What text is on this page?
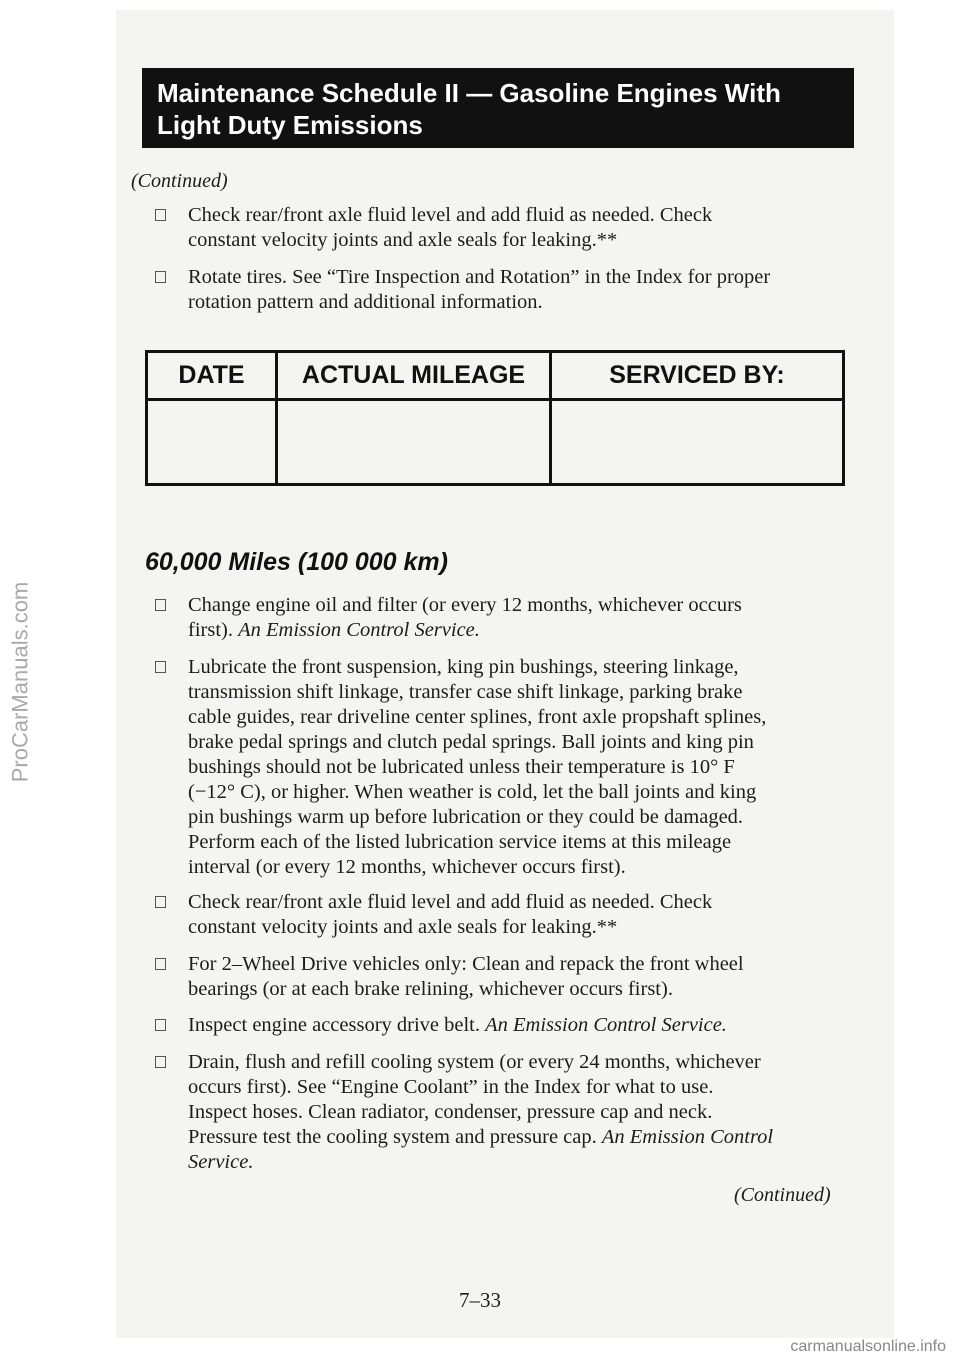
ProCarManuals.com
Maintenance Schedule II — Gasoline Engines With
Light Duty Emissions
(Continued)
Check rear/front axle fluid level and add fluid as needed. Check
constant velocity joints and axle seals for leaking.**
Rotate tires. See “Tire Inspection and Rotation” in the Index for proper
rotation pattern and additional information.
DATE	ACTUAL MILEAGE	SERVICED BY:
60,000 Miles (100 000 km)
Change engine oil and filter (or every 12 months, whichever occurs
first). An Emission Control Service.
Lubricate the front suspension, king pin bushings, steering linkage,
transmission shift linkage, transfer case shift linkage, parking brake
cable guides, rear driveline center splines, front axle propshaft splines,
brake pedal springs and clutch pedal springs. Ball joints and king pin
bushings should not be lubricated unless their temperature is 10° F
(−12° C), or higher. When weather is cold, let the ball joints and king
pin bushings warm up before lubrication or they could be damaged.
Perform each of the listed lubrication service items at this mileage
interval (or every 12 months, whichever occurs first).
Check rear/front axle fluid level and add fluid as needed. Check
constant velocity joints and axle seals for leaking.**
For 2–Wheel Drive vehicles only: Clean and repack the front wheel
bearings (or at each brake relining, whichever occurs first).
Inspect engine accessory drive belt. An Emission Control Service.
Drain, flush and refill cooling system (or every 24 months, whichever
occurs first). See “Engine Coolant” in the Index for what to use.
Inspect hoses. Clean radiator, condenser, pressure cap and neck.
Pressure test the cooling system and pressure cap. An Emission Control
Service.
(Continued)
7–33
carmanualsonline.info
